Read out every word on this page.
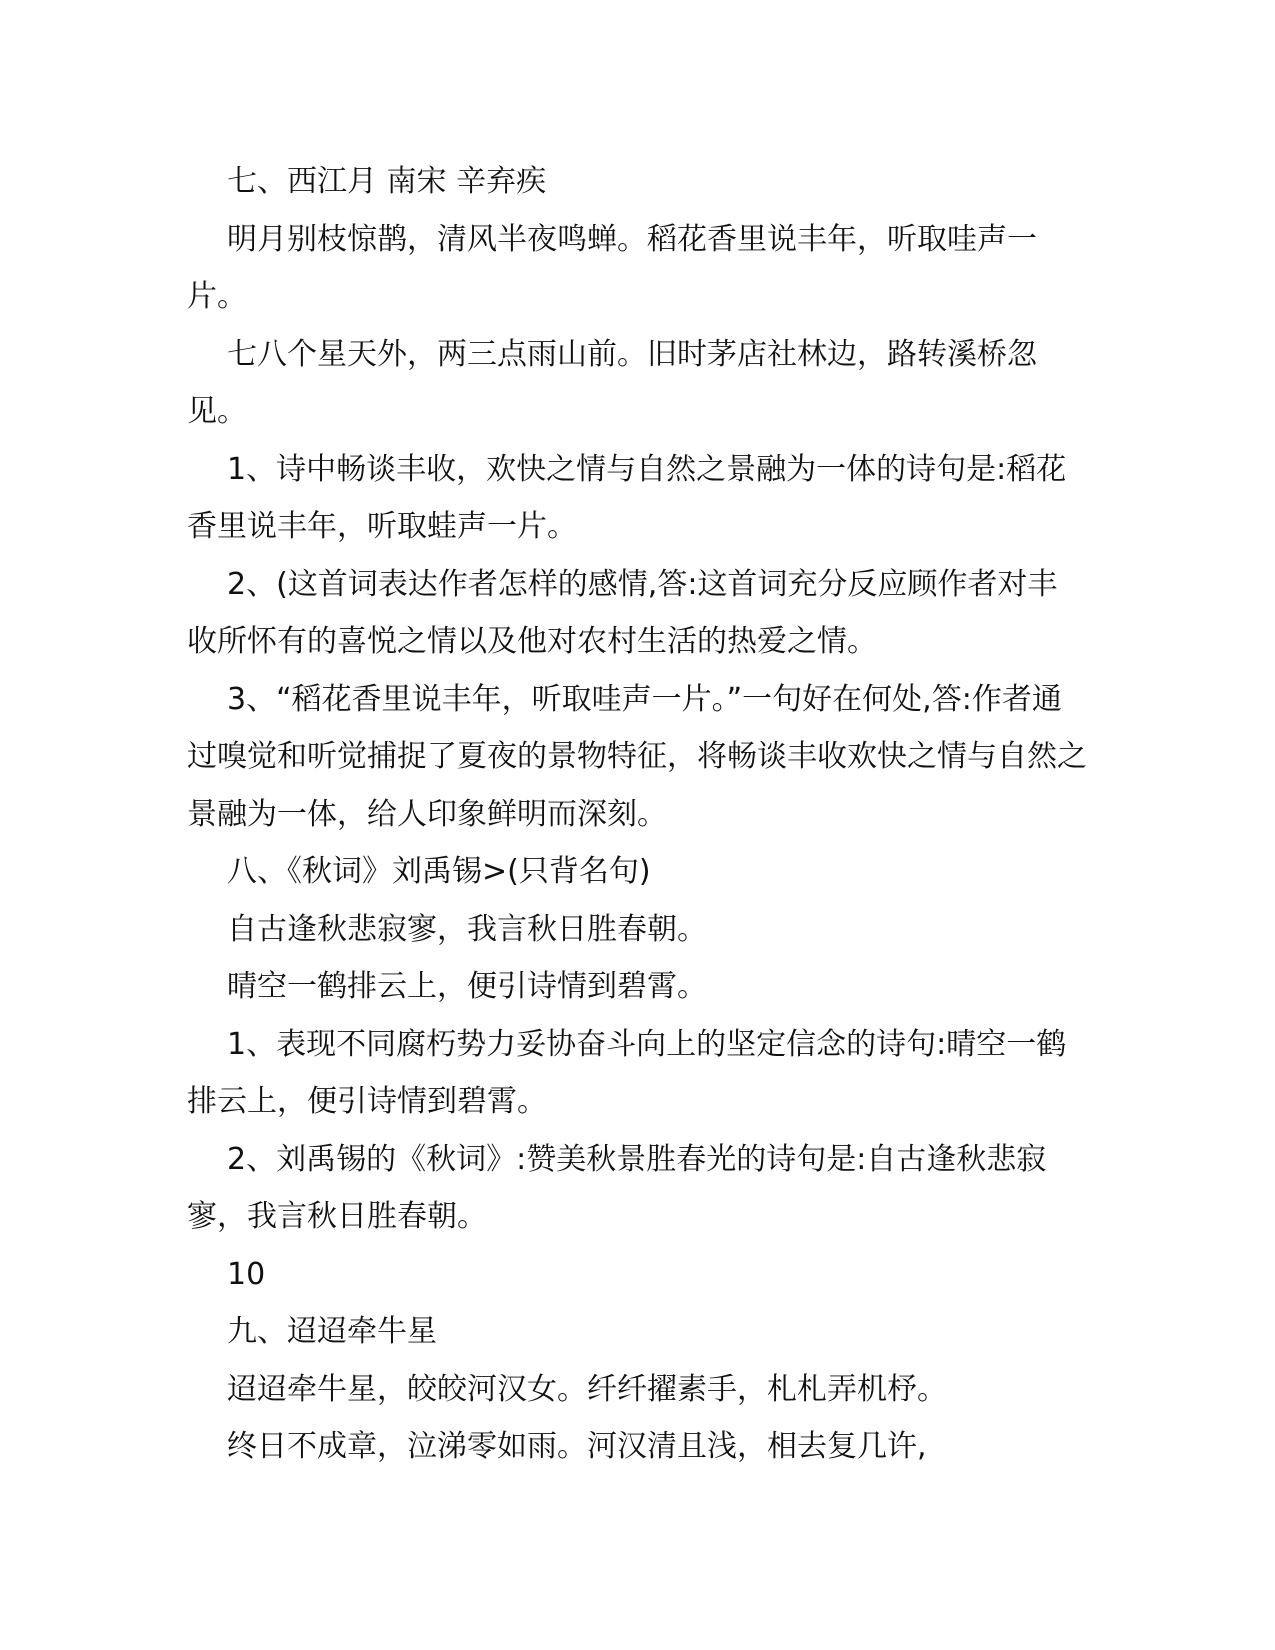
七、西江月 南宋 辛弃疾

明月别枝惊鹊，清风半夜鸣蝉。稻花香里说丰年，听取哇声一片。

七八个星天外，两三点雨山前。旧时茅店社林边，路转溪桥忽见。

1、诗中畅谈丰收，欢快之情与自然之景融为一体的诗句是:稻花香里说丰年，听取蛙声一片。

2、(这首词表达作者怎样的感情,答:这首词充分反应顾作者对丰收所怀有的喜悦之情以及他对农村生活的热爱之情。

3、“稻花香里说丰年，听取哇声一片。”一句好在何处,答:作者通过嗅觉和听觉捕捉了夏夜的景物特征，将畅谈丰收欢快之情与自然之景融为一体，给人印象鲜明而深刻。

八、《秋词》刘禹锡>(只背名句)

自古逢秋悲寂寥，我言秋日胜春朝。

晴空一鹤排云上，便引诗情到碧霄。

1、表现不同腐朽势力妥协奋斗向上的坚定信念的诗句:晴空一鹤排云上，便引诗情到碧霄。

2、刘禹锡的《秋词》:赞美秋景胜春光的诗句是:自古逢秋悲寂寥，我言秋日胜春朝。

10

九、迢迢牵牛星

迢迢牵牛星，皎皎河汉女。纤纤擢素手，札札弄机杼。

终日不成章，泣涕零如雨。河汉清且浅，相去复几许,
